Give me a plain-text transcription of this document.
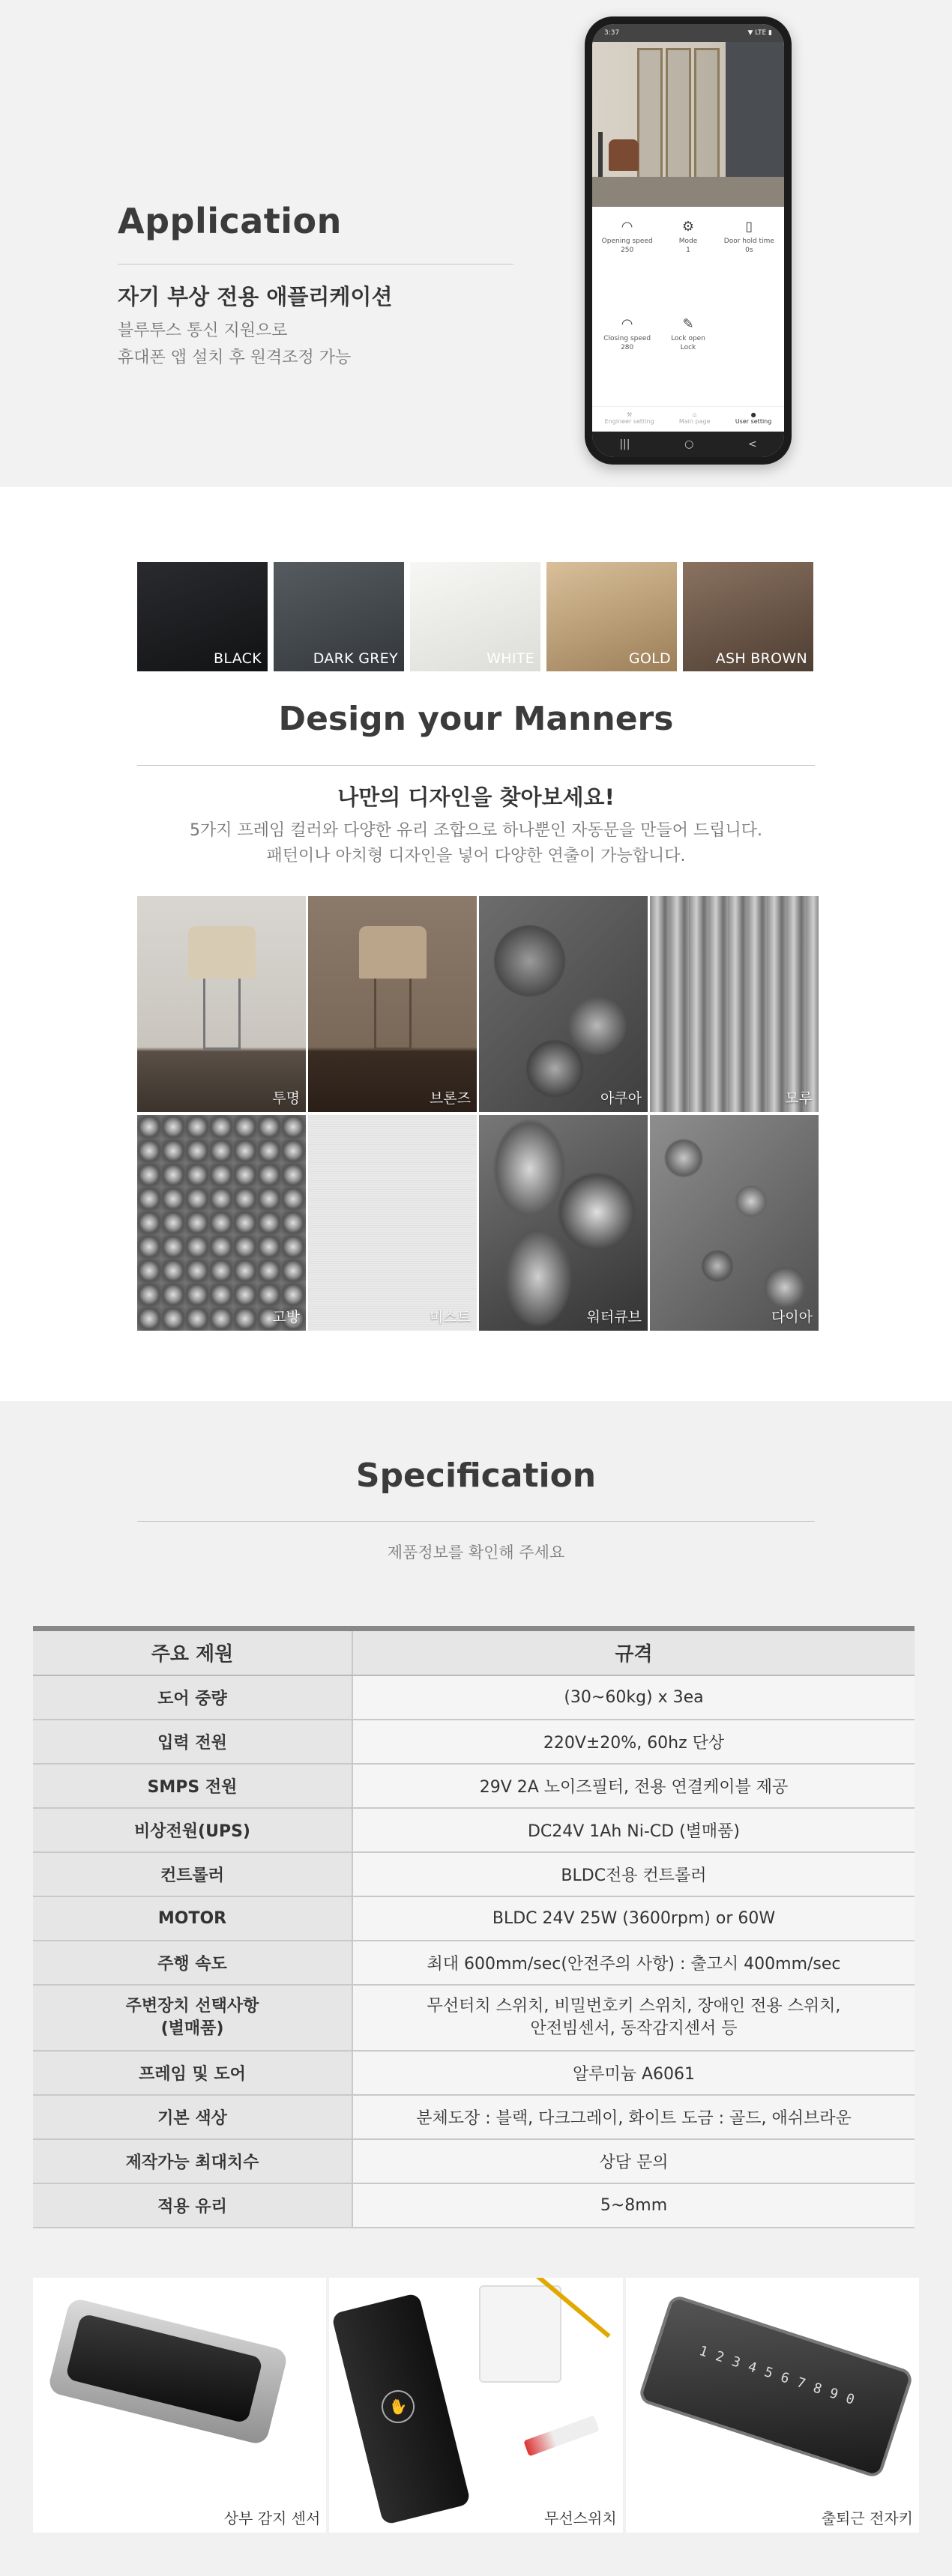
Application
자기 부상 전용 애플리케이션
블루투스 통신 지원으로
휴대폰 앱 설치 후 원격조정 가능
3:37	▼ LTE ▮
◠
Opening speed
250
⚙
Mode
1
▯
Door hold time
0s
◠
Closing speed
280
✎
Lock open
Lock
⚒
Engineer setting
⌂
Main page
●
User setting
|||	○	<
BLACK	DARK GREY	WHITE	GOLD	ASH BROWN
Design your Manners
나만의 디자인을 찾아보세요!
5가지 프레임 컬러와 다양한 유리 조합으로 하나뿐인 자동문을 만들어 드립니다.
패턴이나 아치형 디자인을 넣어 다양한 연출이 가능합니다.
투명	브론즈	아쿠아	모루
고방	미스트	워터큐브	다이아
Specification
제품정보를 확인해 주세요
주요 제원	규격
도어 중량	(30~60kg) x 3ea
입력 전원	220V±20%, 60hz 단상
SMPS 전원	29V 2A 노이즈필터, 전용 연결케이블 제공
비상전원(UPS)	DC24V 1Ah Ni-CD (별매품)
컨트롤러	BLDC전용 컨트롤러
MOTOR	BLDC 24V 25W (3600rpm) or 60W
주행 속도	최대 600mm/sec(안전주의 사항) : 출고시 400mm/sec
주변장치 선택사항
(별매품)	무선터치 스위치, 비밀번호키 스위치, 장애인 전용 스위치,
안전빔센서, 동작감지센서 등
프레임 및 도어	알루미늄 A6061
기본 색상	분체도장 : 블랙, 다크그레이, 화이트 도금 : 골드, 애쉬브라운
제작가능 최대치수	상담 문의
적용 유리	5~8mm
상부 감지 센서
✋
무선스위치
1234567890
출퇴근 전자키
